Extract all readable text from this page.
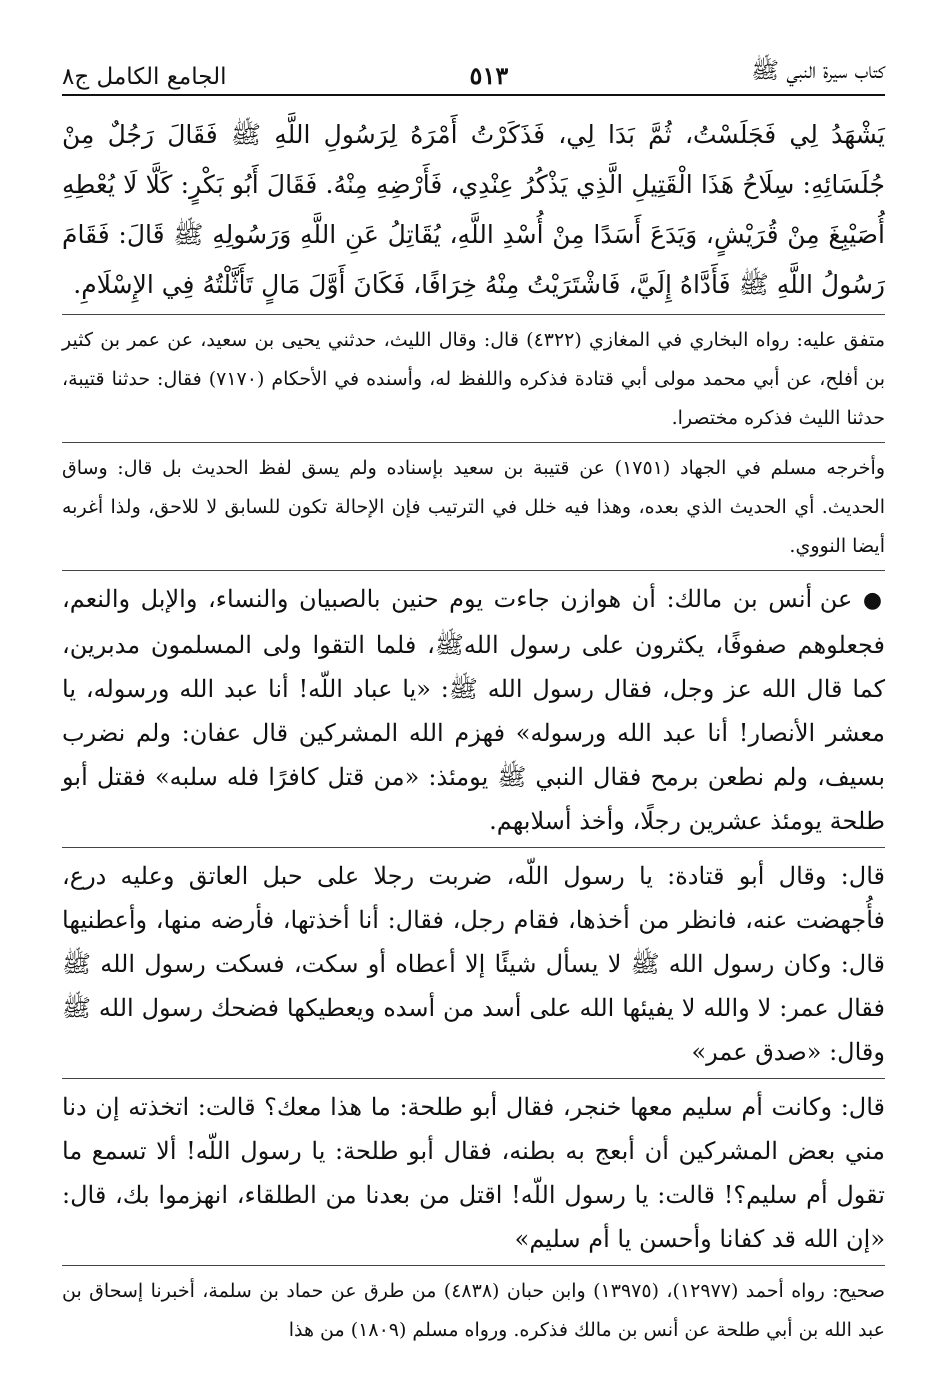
كتاب سيرة النبي ﷺ
٥١٣
الجامع الكامل ج٨

يَشْهَدُ لِي فَجَلَسْتُ، ثُمَّ بَدَا لِي، فَذَكَرْتُ أَمْرَهُ لِرَسُولِ اللَّهِ ﷺ فَقَالَ رَجُلٌ مِنْ جُلَسَائِهِ: سِلَاحُ هَذَا الْقَتِيلِ الَّذِي يَذْكُرُ عِنْدِي، فَأَرْضِهِ مِنْهُ. فَقَالَ أَبُو بَكْرٍ: كَلَّا لَا يُعْطِهِ أُصَيْبِغَ مِنْ قُرَيْشٍ، وَيَدَعَ أَسَدًا مِنْ أُسْدِ اللَّهِ، يُقَاتِلُ عَنِ اللَّهِ وَرَسُولِهِ ﷺ قَالَ: فَقَامَ رَسُولُ اللَّهِ ﷺ فَأَدَّاهُ إِلَيَّ، فَاشْتَرَيْتُ مِنْهُ خِرَافًا، فَكَانَ أَوَّلَ مَالٍ تَأَثَّلْتُهُ فِي الإِسْلَامِ.

متفق عليه: رواه البخاري في المغازي (٤٣٢٢) قال: وقال الليث، حدثني يحيى بن سعيد، عن عمر بن كثير بن أفلح، عن أبي محمد مولى أبي قتادة فذكره واللفظ له، وأسنده في الأحكام (٧١٧٠) فقال: حدثنا قتيبة، حدثنا الليث فذكره مختصرا.

وأخرجه مسلم في الجهاد (١٧٥١) عن قتيبة بن سعيد بإسناده ولم يسق لفظ الحديث بل قال: وساق الحديث. أي الحديث الذي بعده، وهذا فيه خلل في الترتيب فإن الإحالة تكون للسابق لا للاحق، ولذا أغربه أيضا النووي.

● عن أنس بن مالك: أن هوازن جاءت يوم حنين بالصبيان والنساء، والإبل والنعم، فجعلوهم صفوفًا، يكثرون على رسول اللهﷺ، فلما التقوا ولى المسلمون مدبرين، كما قال الله عز وجل، فقال رسول الله ﷺ: «يا عباد اللّه! أنا عبد الله ورسوله، يا معشر الأنصار! أنا عبد الله ورسوله» فهزم الله المشركين قال عفان: ولم نضرب بسيف، ولم نطعن برمح فقال النبي ﷺ يومئذ: «من قتل كافرًا فله سلبه» فقتل أبو طلحة يومئذ عشرين رجلًا، وأخذ أسلابهم.

قال: وقال أبو قتادة: يا رسول اللّه، ضربت رجلا على حبل العاتق وعليه درع، فأُجهضت عنه، فانظر من أخذها، فقام رجل، فقال: أنا أخذتها، فأرضه منها، وأعطنيها قال: وكان رسول الله ﷺ لا يسأل شيئًا إلا أعطاه أو سكت، فسكت رسول الله ﷺ فقال عمر: لا والله لا يفيئها الله على أسد من أسده ويعطيكها فضحك رسول الله ﷺ وقال: «صدق عمر»

قال: وكانت أم سليم معها خنجر، فقال أبو طلحة: ما هذا معك؟ قالت: اتخذته إن دنا مني بعض المشركين أن أبعج به بطنه، فقال أبو طلحة: يا رسول اللّه! ألا تسمع ما تقول أم سليم؟! قالت: يا رسول اللّه! اقتل من بعدنا من الطلقاء، انهزموا بك، قال: «إن الله قد كفانا وأحسن يا أم سليم»

صحيح: رواه أحمد (١٢٩٧٧)، (١٣٩٧٥) وابن حبان (٤٨٣٨) من طرق عن حماد بن سلمة، أخبرنا إسحاق بن عبد الله بن أبي طلحة عن أنس بن مالك فذكره. ورواه مسلم (١٨٠٩) من هذا
